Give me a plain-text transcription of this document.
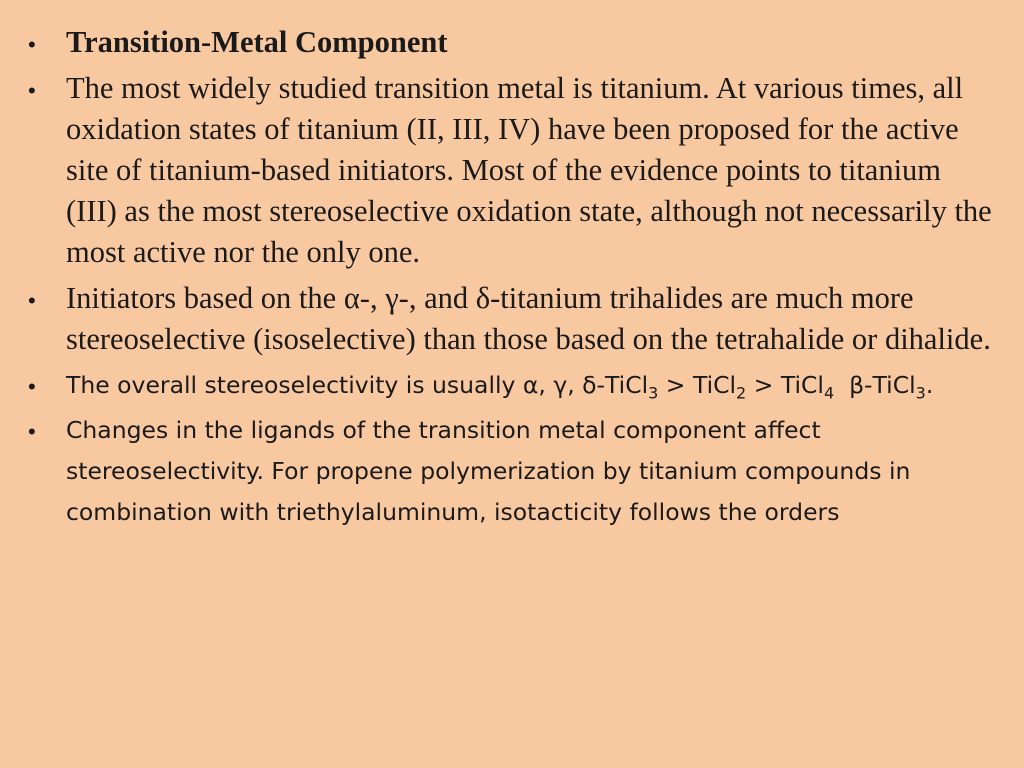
• Transition-Metal Component
• The most widely studied transition metal is titanium. At various times, all oxidation states of titanium (II, III, IV) have been proposed for the active site of titanium-based initiators. Most of the evidence points to titanium (III) as the most stereoselective oxidation state, although not necessarily the most active nor the only one.
• Initiators based on the α-, γ-, and δ-titanium trihalides are much more stereoselective (isoselective) than those based on the tetrahalide or dihalide.
• The overall stereoselectivity is usually α, γ, δ-TiCl$_3$ > TiCl$_2$ > TiCl$_4$  β-TiCl$_3$.
• Changes in the ligands of the transition metal component affect stereoselectivity. For propene polymerization by titanium compounds in combination with triethylaluminum, isotacticity follows the orders
